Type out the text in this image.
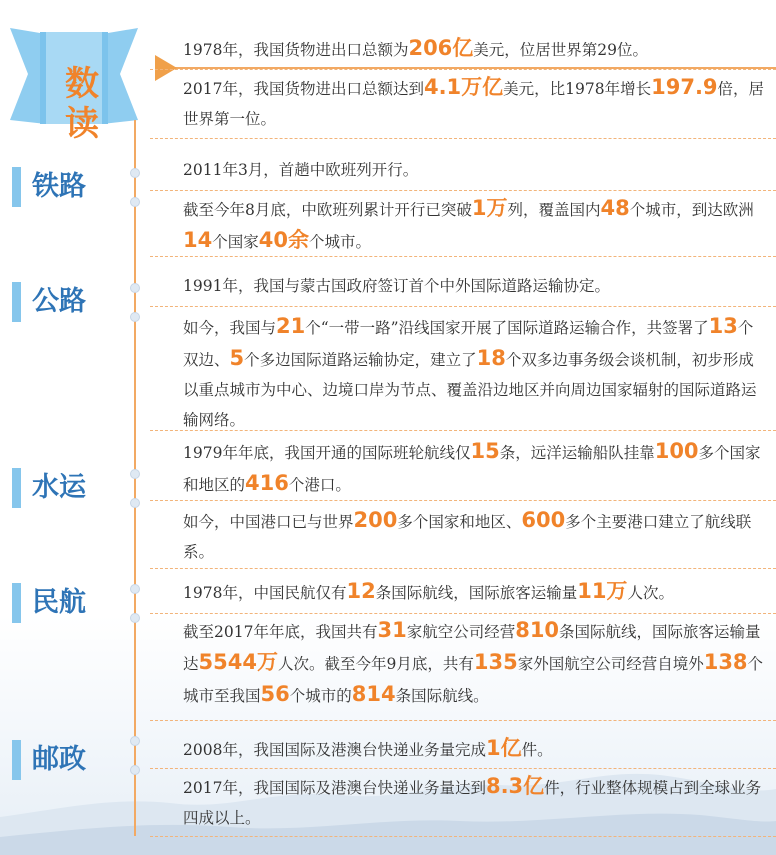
数读
铁路
公路
水运
民航
邮政
1978年，我国货物进出口总额为206亿美元，位居世界第29位。
2017年，我国货物进出口总额达到4.1万亿美元，比1978年增长197.9倍，居世界第一位。
2011年3月，首趟中欧班列开行。
截至今年8月底，中欧班列累计开行已突破1万列，覆盖国内48个城市，到达欧洲14个国家40余个城市。
1991年，我国与蒙古国政府签订首个中外国际道路运输协定。
如今，我国与21个“一带一路”沿线国家开展了国际道路运输合作，共签署了13个双边、5个多边国际道路运输协定，建立了18个双多边事务级会谈机制，初步形成以重点城市为中心、边境口岸为节点、覆盖沿边地区并向周边国家辐射的国际道路运输网络。
1979年年底，我国开通的国际班轮航线仅15条，远洋运输船队挂靠100多个国家和地区的416个港口。
如今，中国港口已与世界200多个国家和地区、600多个主要港口建立了航线联系。
1978年，中国民航仅有12条国际航线，国际旅客运输量11万人次。
截至2017年年底，我国共有31家航空公司经营810条国际航线，国际旅客运输量达5544万人次。截至今年9月底，共有135家外国航空公司经营自境外138个城市至我国56个城市的814条国际航线。
2008年，我国国际及港澳台快递业务量完成1亿件。
2017年，我国国际及港澳台快递业务量达到8.3亿件，行业整体规模占到全球业务四成以上。
